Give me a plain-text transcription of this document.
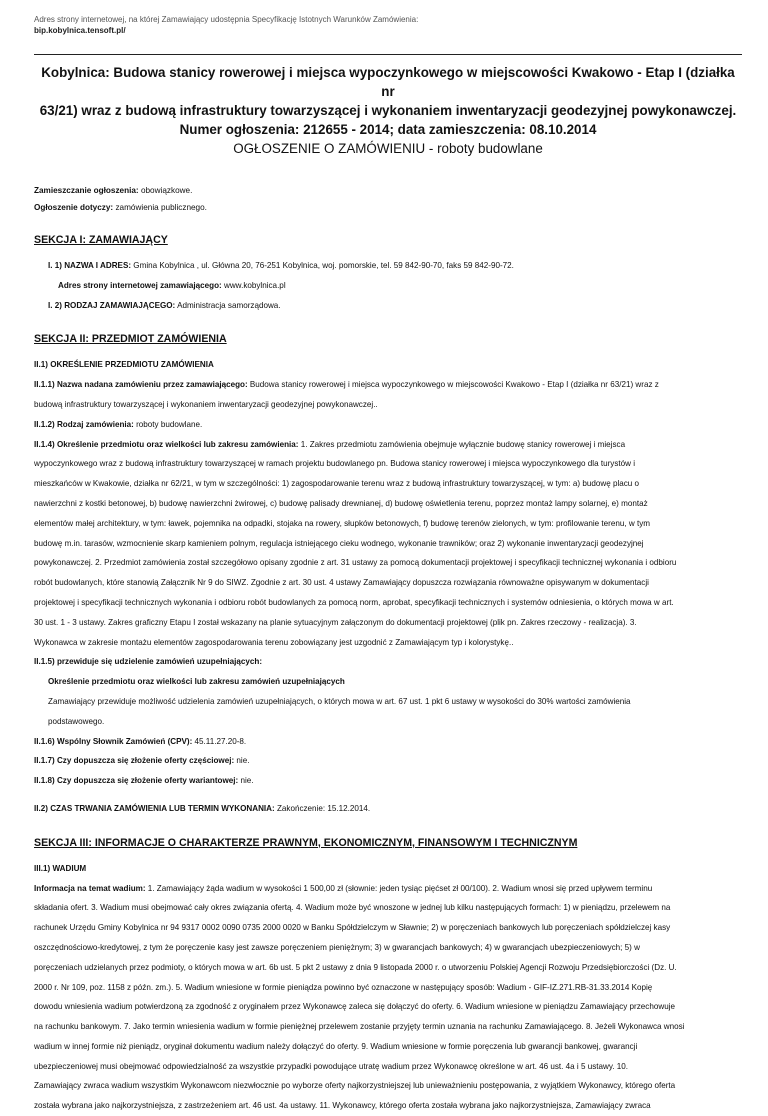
Adres strony internetowej, na której Zamawiający udostępnia Specyfikację Istotnych Warunków Zamówienia:
bip.kobylnica.tensoft.pl/
Kobylnica: Budowa stanicy rowerowej i miejsca wypoczynkowego w miejscowości Kwakowo - Etap I (działka nr
63/21) wraz z budową infrastruktury towarzyszącej i wykonaniem inwentaryzacji geodezyjnej powykonawczej.
Numer ogłoszenia: 212655 - 2014; data zamieszczenia: 08.10.2014
OGŁOSZENIE O ZAMÓWIENIU - roboty budowlane
Zamieszczanie ogłoszenia: obowiązkowe.
Ogłoszenie dotyczy: zamówienia publicznego.
SEKCJA I: ZAMAWIAJĄCY

I. 1) NAZWA I ADRES: Gmina Kobylnica , ul. Główna 20, 76-251 Kobylnica, woj. pomorskie, tel. 59 842-90-70, faks 59 842-90-72.

Adres strony internetowej zamawiającego: www.kobylnica.pl

I. 2) RODZAJ ZAMAWIAJĄCEGO: Administracja samorządowa.

SEKCJA II: PRZEDMIOT ZAMÓWIENIA

II.1) OKREŚLENIE PRZEDMIOTU ZAMÓWIENIA

II.1.1) Nazwa nadana zamówieniu przez zamawiającego: Budowa stanicy rowerowej i miejsca wypoczynkowego w miejscowości Kwakowo - Etap I (działka nr 63/21) wraz z

budową infrastruktury towarzyszącej i wykonaniem inwentaryzacji geodezyjnej powykonawczej..

II.1.2) Rodzaj zamówienia: roboty budowlane.

II.1.4) Określenie przedmiotu oraz wielkości lub zakresu zamówienia: 1. Zakres przedmiotu zamówienia obejmuje wyłącznie budowę stanicy rowerowej i miejsca

wypoczynkowego wraz z budową infrastruktury towarzyszącej w ramach projektu budowlanego pn. Budowa stanicy rowerowej i miejsca wypoczynkowego dla turystów i

mieszkańców w Kwakowie, działka nr 62/21, w tym w szczególności: 1) zagospodarowanie terenu wraz z budową infrastruktury towarzyszącej, w tym: a) budowę placu o

nawierzchni z kostki betonowej, b) budowę nawierzchni żwirowej, c) budowę palisady drewnianej, d) budowę oświetlenia terenu, poprzez montaż lampy solarnej, e) montaż

elementów małej architektury, w tym: ławek, pojemnika na odpadki, stojaka na rowery, słupków betonowych, f) budowę terenów zielonych, w tym: profilowanie terenu, w tym

budowę m.in. tarasów, wzmocnienie skarp kamieniem polnym, regulacja istniejącego cieku wodnego, wykonanie trawników; oraz 2) wykonanie inwentaryzacji geodezyjnej

powykonawczej. 2. Przedmiot zamówienia został szczegółowo opisany zgodnie z art. 31 ustawy za pomocą dokumentacji projektowej i specyfikacji technicznej wykonania i odbioru

robót budowlanych, które stanowią Załącznik Nr 9 do SIWZ. Zgodnie z art. 30 ust. 4 ustawy Zamawiający dopuszcza rozwiązania równoważne opisywanym w dokumentacji

projektowej i specyfikacji technicznych wykonania i odbioru robót budowlanych za pomocą norm, aprobat, specyfikacji technicznych i systemów odniesienia, o których mowa w art.

30 ust. 1 - 3 ustawy. Zakres graficzny Etapu I został wskazany na planie sytuacyjnym załączonym do dokumentacji projektowej (plik pn. Zakres rzeczowy - realizacja). 3.

Wykonawca w zakresie montażu elementów zagospodarowania terenu zobowiązany jest uzgodnić z Zamawiającym typ i kolorystykę..

II.1.5) przewiduje się udzielenie zamówień uzupełniających:

Określenie przedmiotu oraz wielkości lub zakresu zamówień uzupełniających

Zamawiający przewiduje możliwość udzielenia zamówień uzupełniających, o których mowa w art. 67 ust. 1 pkt 6 ustawy w wysokości do 30% wartości zamówienia

podstawowego.

II.1.6) Wspólny Słownik Zamówień (CPV): 45.11.27.20-8.

II.1.7) Czy dopuszcza się złożenie oferty częściowej: nie.

II.1.8) Czy dopuszcza się złożenie oferty wariantowej: nie.

II.2) CZAS TRWANIA ZAMÓWIENIA LUB TERMIN WYKONANIA: Zakończenie: 15.12.2014.

SEKCJA III: INFORMACJE O CHARAKTERZE PRAWNYM, EKONOMICZNYM, FINANSOWYM I TECHNICZNYM

III.1) WADIUM

Informacja na temat wadium: 1. Zamawiający żąda wadium w wysokości 1 500,00 zł (słownie: jeden tysiąc pięćset zł 00/100). 2. Wadium wnosi się przed upływem terminu

składania ofert. 3. Wadium musi obejmować cały okres związania ofertą. 4. Wadium może być wnoszone w jednej lub kilku następujących formach: 1) w pieniądzu, przelewem na

rachunek Urzędu Gminy Kobylnica nr 94 9317 0002 0090 0735 2000 0020 w Banku Spółdzielczym w Sławnie; 2) w poręczeniach bankowych lub poręczeniach spółdzielczej kasy

oszczędnościowo-kredytowej, z tym że poręczenie kasy jest zawsze poręczeniem pieniężnym; 3) w gwarancjach bankowych; 4) w gwarancjach ubezpieczeniowych; 5) w

poręczeniach udzielanych przez podmioty, o których mowa w art. 6b ust. 5 pkt 2 ustawy z dnia 9 listopada 2000 r. o utworzeniu Polskiej Agencji Rozwoju Przedsiębiorczości (Dz. U.

2000 r. Nr 109, poz. 1158 z późn. zm.). 5. Wadium wniesione w formie pieniądza powinno być oznaczone w następujący sposób: Wadium - GIF-IZ.271.RB-31.33.2014 Kopię

dowodu wniesienia wadium potwierdzoną za zgodność z oryginałem przez Wykonawcę zaleca się dołączyć do oferty. 6. Wadium wniesione w pieniądzu Zamawiający przechowuje

na rachunku bankowym. 7. Jako termin wniesienia wadium w formie pieniężnej przelewem zostanie przyjęty termin uznania na rachunku Zamawiającego. 8. Jeżeli Wykonawca wnosi

wadium w innej formie niż pieniądz, oryginał dokumentu wadium należy dołączyć do oferty. 9. Wadium wniesione w formie poręczenia lub gwarancji bankowej, gwarancji

ubezpieczeniowej musi obejmować odpowiedzialność za wszystkie przypadki powodujące utratę wadium przez Wykonawcę określone w art. 46 ust. 4a i 5 ustawy. 10.

Zamawiający zwraca wadium wszystkim Wykonawcom niezwłocznie po wyborze oferty najkorzystniejszej lub unieważnieniu postępowania, z wyjątkiem Wykonawcy, którego oferta

została wybrana jako najkorzystniejsza, z zastrzeżeniem art. 46 ust. 4a ustawy. 11. Wykonawcy, którego oferta została wybrana jako najkorzystniejsza, Zamawiający zwraca
